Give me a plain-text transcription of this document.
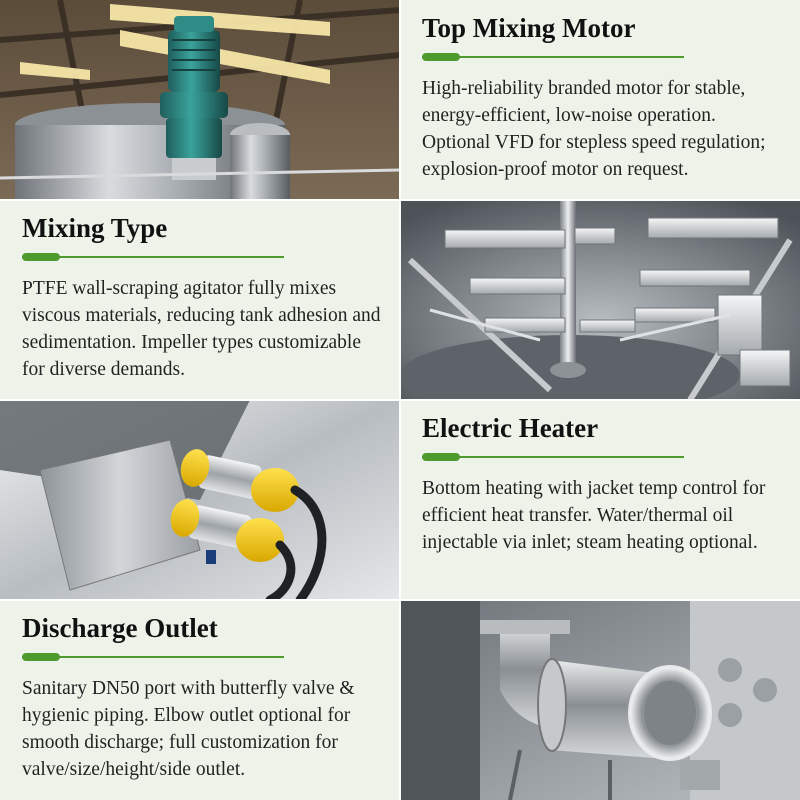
Top Mixing Motor
High-reliability branded motor for stable, energy-efficient, low-noise operation. Optional VFD for stepless speed regulation; explosion-proof motor on request.
Mixing Type
PTFE wall-scraping agitator fully mixes viscous materials, reducing tank adhesion and sedimentation. Impeller types customizable for diverse demands.
Electric Heater
Bottom heating with jacket temp control for efficient heat transfer. Water/thermal oil injectable via inlet; steam heating optional.
Discharge Outlet
Sanitary DN50 port with butterfly valve & hygienic piping. Elbow outlet optional for smooth discharge; full customization for valve/size/height/side outlet.
